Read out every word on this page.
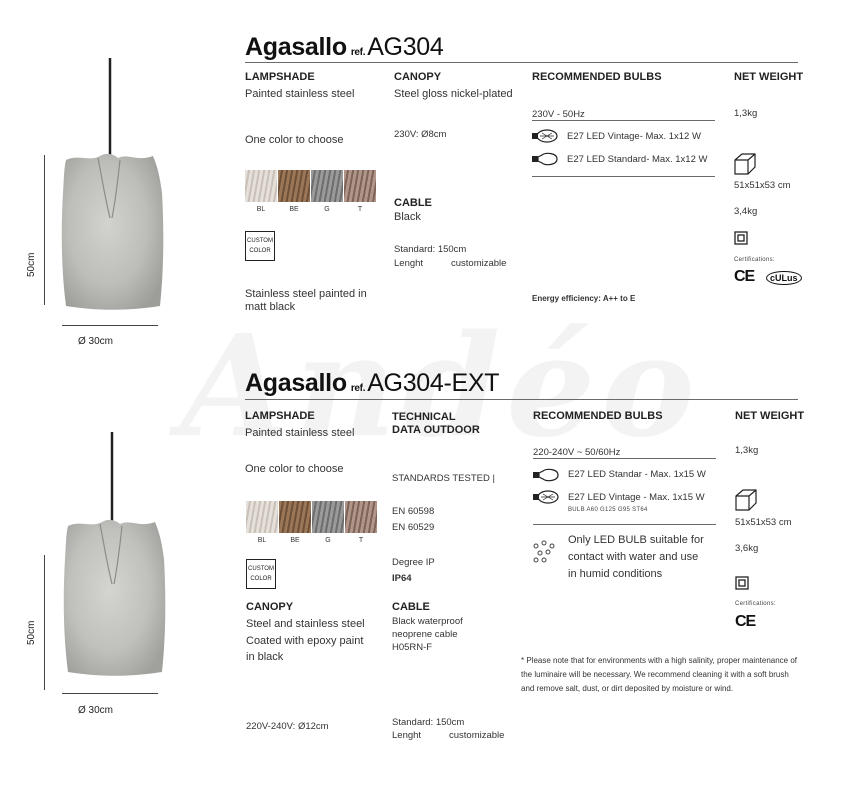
50cm
Ø 30cm
Agasallo ref.AG304
LAMPSHADE
Painted stainless steel
One color to choose
BL	BE	G	T
CUSTOM
COLOR
Stainless steel painted in
matt black
CANOPY
Steel gloss nickel-plated
230V: Ø8cm
CABLE
Black
Standard: 150cm
Lenght	customizable
RECOMMENDED BULBS
230V - 50Hz
E27 LED Vintage- Max. 1x12 W
E27 LED Standard- Max. 1x12 W
Energy efficiency: A++ to E
NET WEIGHT
1,3kg
51x51x53 cm
3,4kg
Certifications:
CE	cULus
50cm
Ø 30cm
Agasallo ref.AG304-EXT
LAMPSHADE
Painted stainless steel
One color to choose
BL	BE	G	T
CUSTOM
COLOR
CANOPY
Steel and stainless steel
Coated with epoxy paint
in black
220V-240V: Ø12cm
TECHNICAL
DATA OUTDOOR
STANDARDS TESTED |
EN 60598
EN 60529
Degree IP
IP64
CABLE
Black waterproof
neoprene cable
H05RN-F
Standard: 150cm
Lenght	customizable
RECOMMENDED BULBS
220-240V ~ 50/60Hz
E27 LED Standar - Max. 1x15 W
E27 LED Vintage - Max. 1x15 W
BULB A60 G125 G95 ST64
Only LED BULB suitable for
contact with water and use
in humid conditions
* Please note that for environments with a high salinity, proper maintenance of the luminaire will be necessary. We recommend cleaning it with a soft brush and remove salt, dust, or dirt deposited by moisture or wind.
NET WEIGHT
1,3kg
51x51x53 cm
3,6kg
Certifications:
CE
